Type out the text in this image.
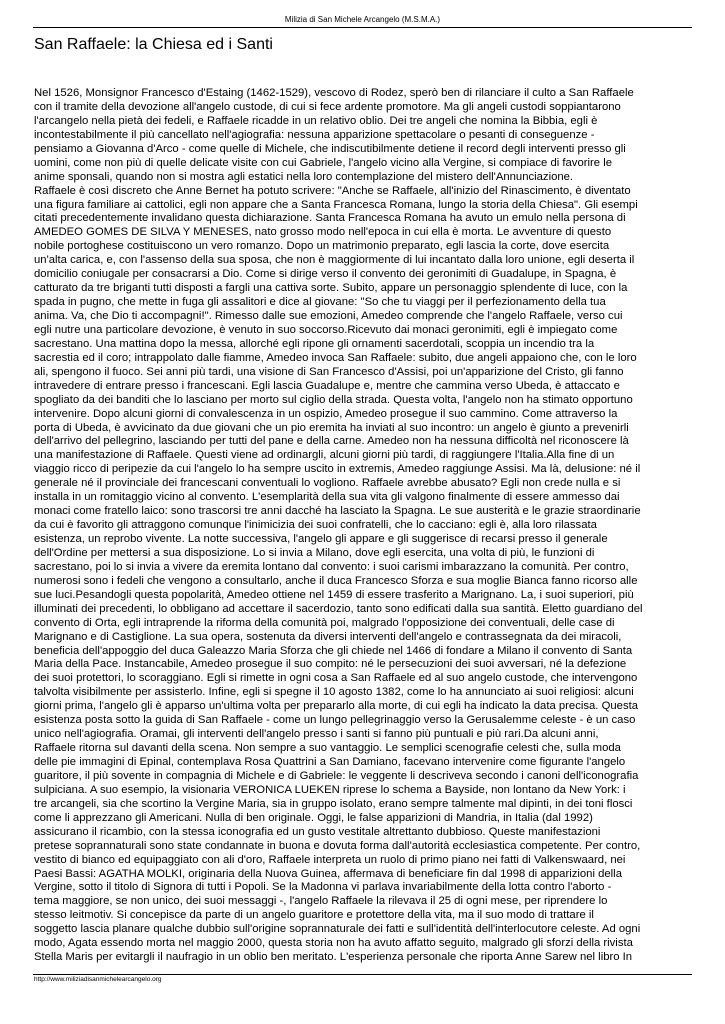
Milizia di San Michele Arcangelo (M.S.M.A.)
San Raffaele: la Chiesa ed i Santi
Nel 1526, Monsignor Francesco d'Estaing (1462-1529), vescovo di Rodez, sperò ben di rilanciare il culto a San Raffaele
con il tramite della devozione all'angelo custode, di cui si fece ardente promotore. Ma gli angeli custodi soppiantarono
l'arcangelo nella pietà dei fedeli, e Raffaele ricadde in un relativo oblio. Dei tre angeli che nomina la Bibbia, egli è
incontestabilmente il più cancellato nell'agiografia: nessuna apparizione spettacolare o pesanti di conseguenze -
pensiamo a Giovanna d'Arco - come quelle di Michele, che indiscutibilmente detiene il record degli interventi presso gli
uomini, come non più di quelle delicate visite con cui Gabriele, l'angelo vicino alla Vergine, si compiace di favorire le
anime sponsali, quando non si mostra agli estatici nella loro contemplazione del mistero dell'Annunciazione.
Raffaele è così discreto che Anne Bernet ha potuto scrivere: "Anche se Raffaele, all'inizio del Rinascimento, è diventato
una figura familiare ai cattolici, egli non appare che a Santa Francesca Romana, lungo la storia della Chiesa". Gli esempi
citati precedentemente invalidano questa dichiarazione. Santa Francesca Romana ha avuto un emulo nella persona di
AMEDEO GOMES DE SILVA Y MENESES, nato grosso modo nell'epoca in cui ella è morta. Le avventure di questo
nobile portoghese costituiscono un vero romanzo. Dopo un matrimonio preparato, egli lascia la corte, dove esercita
un'alta carica, e, con l'assenso della sua sposa, che non è maggiormente di lui incantato dalla loro unione, egli deserta il
domicilio coniugale per consacrarsi a Dio. Come si dirige verso il convento dei geronimiti di Guadalupe, in Spagna, è
catturato da tre briganti tutti disposti a fargli una cattiva sorte. Subito, appare un personaggio splendente di luce, con la
spada in pugno, che mette in fuga gli assalitori e dice al giovane: "So che tu viaggi per il perfezionamento della tua
anima. Va, che Dio ti accompagni!". Rimesso dalle sue emozioni, Amedeo comprende che l'angelo Raffaele, verso cui
egli nutre una particolare devozione, è venuto in suo soccorso.Ricevuto dai monaci geronimiti, egli è impiegato come
sacrestano. Una mattina dopo la messa, allorché egli ripone gli ornamenti sacerdotali, scoppia un incendio tra la
sacrestia ed il coro; intrappolato dalle fiamme, Amedeo invoca San Raffaele: subito, due angeli appaiono che, con le loro
ali, spengono il fuoco. Sei anni più tardi, una visione di San Francesco d'Assisi, poi un'apparizione del Cristo, gli fanno
intravedere di entrare presso i francescani. Egli lascia Guadalupe e, mentre che cammina verso Ubeda, è attaccato e
spogliato da dei banditi che lo lasciano per morto sul ciglio della strada. Questa volta, l'angelo non ha stimato opportuno
intervenire. Dopo alcuni giorni di convalescenza in un ospizio, Amedeo prosegue il suo cammino. Come attraverso la
porta di Ubeda, è avvicinato da due giovani che un pio eremita ha inviati al suo incontro: un angelo è giunto a prevenirli
dell'arrivo del pellegrino, lasciando per tutti del pane e della carne. Amedeo non ha nessuna difficoltà nel riconoscere là
una manifestazione di Raffaele. Questi viene ad ordinargli, alcuni giorni più tardi, di raggiungere l'Italia.Alla fine di un
viaggio ricco di peripezie da cui l'angelo lo ha sempre uscito in extremis, Amedeo raggiunge Assisi. Ma là, delusione: né il
generale né il provinciale dei francescani conventuali lo vogliono. Raffaele avrebbe abusato? Egli non crede nulla e si
installa in un romitaggio vicino al convento. L'esemplarità della sua vita gli valgono finalmente di essere ammesso dai
monaci come fratello laico: sono trascorsi tre anni dacché ha lasciato la Spagna. Le sue austerità e le grazie straordinarie
da cui è favorito gli attraggono comunque l'inimicizia dei suoi confratelli, che lo cacciano: egli è, alla loro rilassata
esistenza, un reprobo vivente. La notte successiva, l'angelo gli appare e gli suggerisce di recarsi presso il generale
dell'Ordine per mettersi a sua disposizione. Lo si invia a Milano, dove egli esercita, una volta di più, le funzioni di
sacrestano, poi lo si invia a vivere da eremita lontano dal convento: i suoi carismi imbarazzano la comunità. Per contro,
numerosi sono i fedeli che vengono a consultarlo, anche il duca Francesco Sforza e sua moglie Bianca fanno ricorso alle
sue luci.Pesandogli questa popolarità, Amedeo ottiene nel 1459 di essere trasferito a Marignano. La, i suoi superiori, più
illuminati dei precedenti, lo obbligano ad accettare il sacerdozio, tanto sono edificati dalla sua santità. Eletto guardiano del
convento di Orta, egli intraprende la riforma della comunità poi, malgrado l'opposizione dei conventuali, delle case di
Marignano e di Castiglione. La sua opera, sostenuta da diversi interventi dell'angelo e contrassegnata da dei miracoli,
beneficia dell'appoggio del duca Galeazzo Maria Sforza che gli chiede nel 1466 di fondare a Milano il convento di Santa
Maria della Pace. Instancabile, Amedeo prosegue il suo compito: né le persecuzioni dei suoi avversari, né la defezione
dei suoi protettori, lo scoraggiano. Egli si rimette in ogni cosa a San Raffaele ed al suo angelo custode, che intervengono
talvolta visibilmente per assisterlo. Infine, egli si spegne il 10 agosto 1382, come lo ha annunciato ai suoi religiosi: alcuni
giorni prima, l'angelo gli è apparso un'ultima volta per prepararlo alla morte, di cui egli ha indicato la data precisa. Questa
esistenza posta sotto la guida di San Raffaele - come un lungo pellegrinaggio verso la Gerusalemme celeste - è un caso
unico nell'agiografia. Oramai, gli interventi dell'angelo presso i santi si fanno più puntuali e più rari.Da alcuni anni,
Raffaele ritorna sul davanti della scena. Non sempre a suo vantaggio. Le semplici scenografie celesti che, sulla moda
delle pie immagini di Epinal, contemplava Rosa Quattrini a San Damiano, facevano intervenire come figurante l'angelo
guaritore, il più sovente in compagnia di Michele e di Gabriele: le veggente li descriveva secondo i canoni dell'iconografia
sulpiciana. A suo esempio, la visionaria VERONICA LUEKEN riprese lo schema a Bayside, non lontano da New York: i
tre arcangeli, sia che scortino la Vergine Maria, sia in gruppo isolato, erano sempre talmente mal dipinti, in dei toni flosci
come li apprezzano gli Americani. Nulla di ben originale. Oggi, le false apparizioni di Mandria, in Italia (dal 1992)
assicurano il ricambio, con la stessa iconografia ed un gusto vestitale altrettanto dubbioso. Queste manifestazioni
pretese soprannaturali sono state condannate in buona e dovuta forma dall'autorità ecclesiastica competente. Per contro,
vestito di bianco ed equipaggiato con ali d'oro, Raffaele interpreta un ruolo di primo piano nei fatti di Valkenswaard, nei
Paesi Bassi: AGATHA MOLKI, originaria della Nuova Guinea, affermava di beneficiare fin dal 1998 di apparizioni della
Vergine, sotto il titolo di Signora di tutti i Popoli. Se la Madonna vi parlava invariabilmente della lotta contro l'aborto -
tema maggiore, se non unico, dei suoi messaggi -, l'angelo Raffaele la rilevava il 25 di ogni mese, per riprendere lo
stesso leitmotiv. Si concepisce da parte di un angelo guaritore e protettore della vita, ma il suo modo di trattare il
soggetto lascia planare qualche dubbio sull'origine soprannaturale dei fatti e sull'identità dell'interlocutore celeste. Ad ogni
modo, Agata essendo morta nel maggio 2000, questa storia non ha avuto affatto seguito, malgrado gli sforzi della rivista
Stella Maris per evitargli il naufragio in un oblio ben meritato. L'esperienza personale che riporta Anne Sarew nel libro In
http://www.miliziadisanmichelearcangelo.org
